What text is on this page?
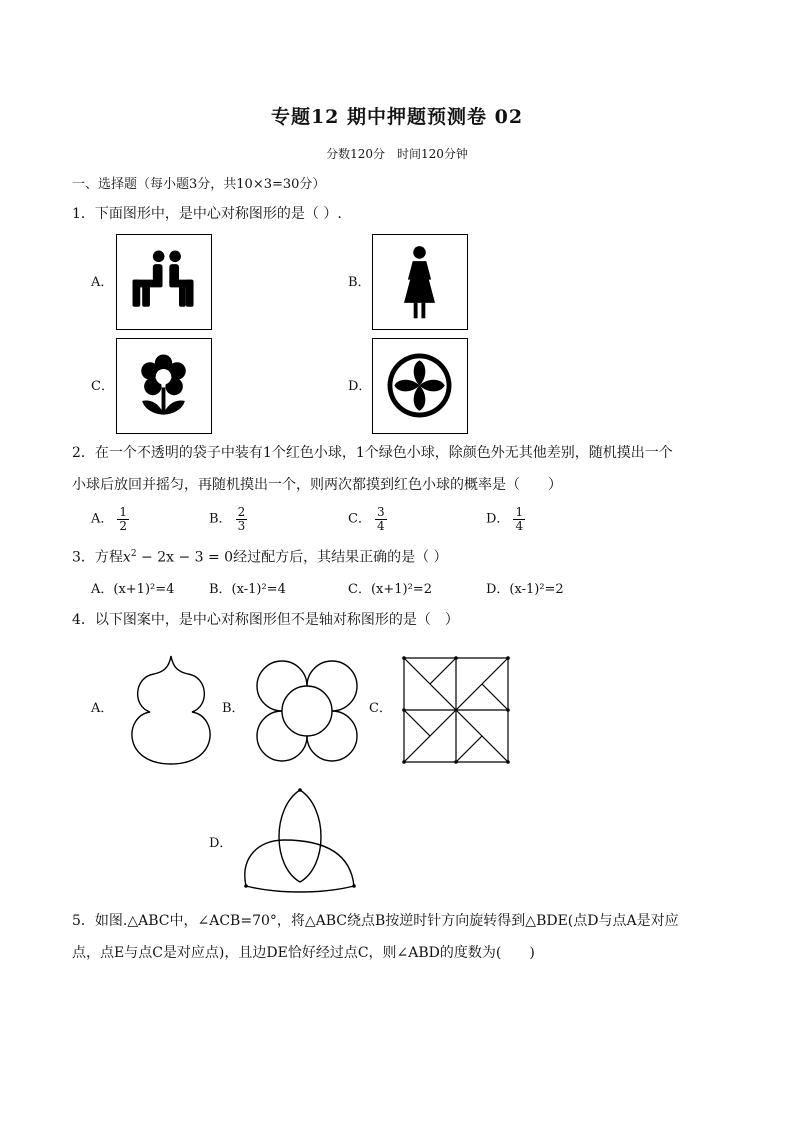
专题12 期中押题预测卷 02
分数120分　时间120分钟
一、选择题（每小题3分，共10×3=30分）
1．下面图形中，是中心对称图形的是（ ）.
A．	B．
C．	D．
2．在一个不透明的袋子中装有1个红色小球，1个绿色小球，除颜色外无其他差别，随机摸出一个
小球后放回并摇匀，再随机摸出一个，则两次都摸到红色小球的概率是（　　）
A． $\frac{1}{2}$	B． $\frac{2}{3}$	C． $\frac{3}{4}$	D． $\frac{1}{4}$
3．方程$x^2 - 2x - 3 = 0$经过配方后，其结果正确的是（ ）
A．(x+1)²=4	B．(x-1)²=4	C．(x+1)²=2	D．(x-1)²=2
4．以下图案中，是中心对称图形但不是轴对称图形的是（　）
A．	B．	C．
D．
5．如图.△ABC中，∠ACB=70°，将△ABC绕点B按逆时针方向旋转得到△BDE(点D与点A是对应
点，点E与点C是对应点)，且边DE恰好经过点C，则∠ABD的度数为(　　)
